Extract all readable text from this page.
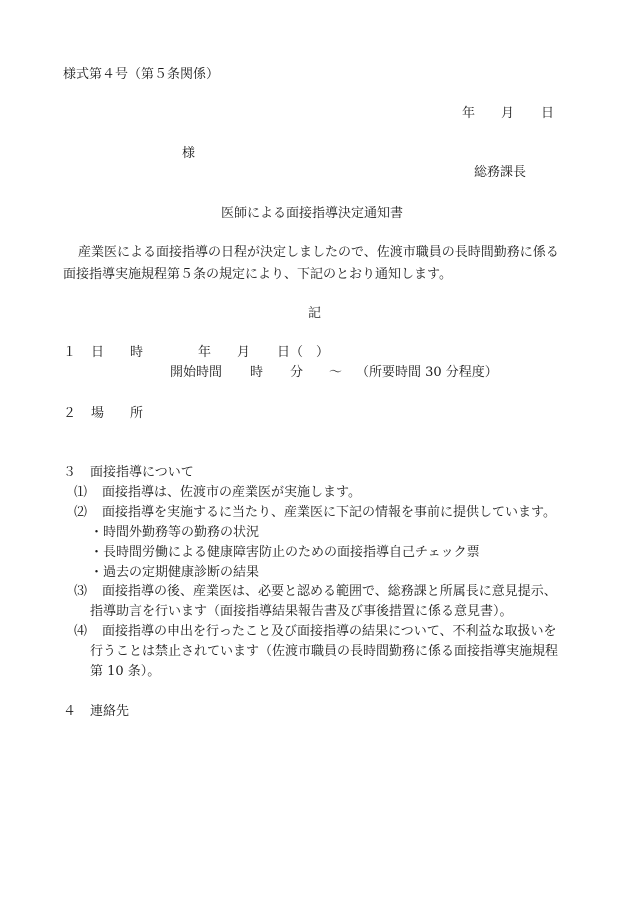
様式第４号（第５条関係）
年 月 日
様
総務課長
医師による面接指導決定通知書
産業医による面接指導の日程が決定しましたので、佐渡市職員の長時間勤務に係る
面接指導実施規程第５条の規定により、下記のとおり通知します。
記
１ 日 時	年 月 日（　）
開始時間 時 分 ～ （所要時間 30 分程度）
２ 場 所
３ 面接指導について
⑴ 面接指導は、佐渡市の産業医が実施します。
⑵ 面接指導を実施するに当たり、産業医に下記の情報を事前に提供しています。
・時間外勤務等の勤務の状況
・長時間労働による健康障害防止のための面接指導自己チェック票
・過去の定期健康診断の結果
⑶ 面接指導の後、産業医は、必要と認める範囲で、総務課と所属長に意見提示、
指導助言を行います（面接指導結果報告書及び事後措置に係る意見書）。
⑷ 面接指導の申出を行ったこと及び面接指導の結果について、不利益な取扱いを
行うことは禁止されています（佐渡市職員の長時間勤務に係る面接指導実施規程
第 10 条）。
４ 連絡先
